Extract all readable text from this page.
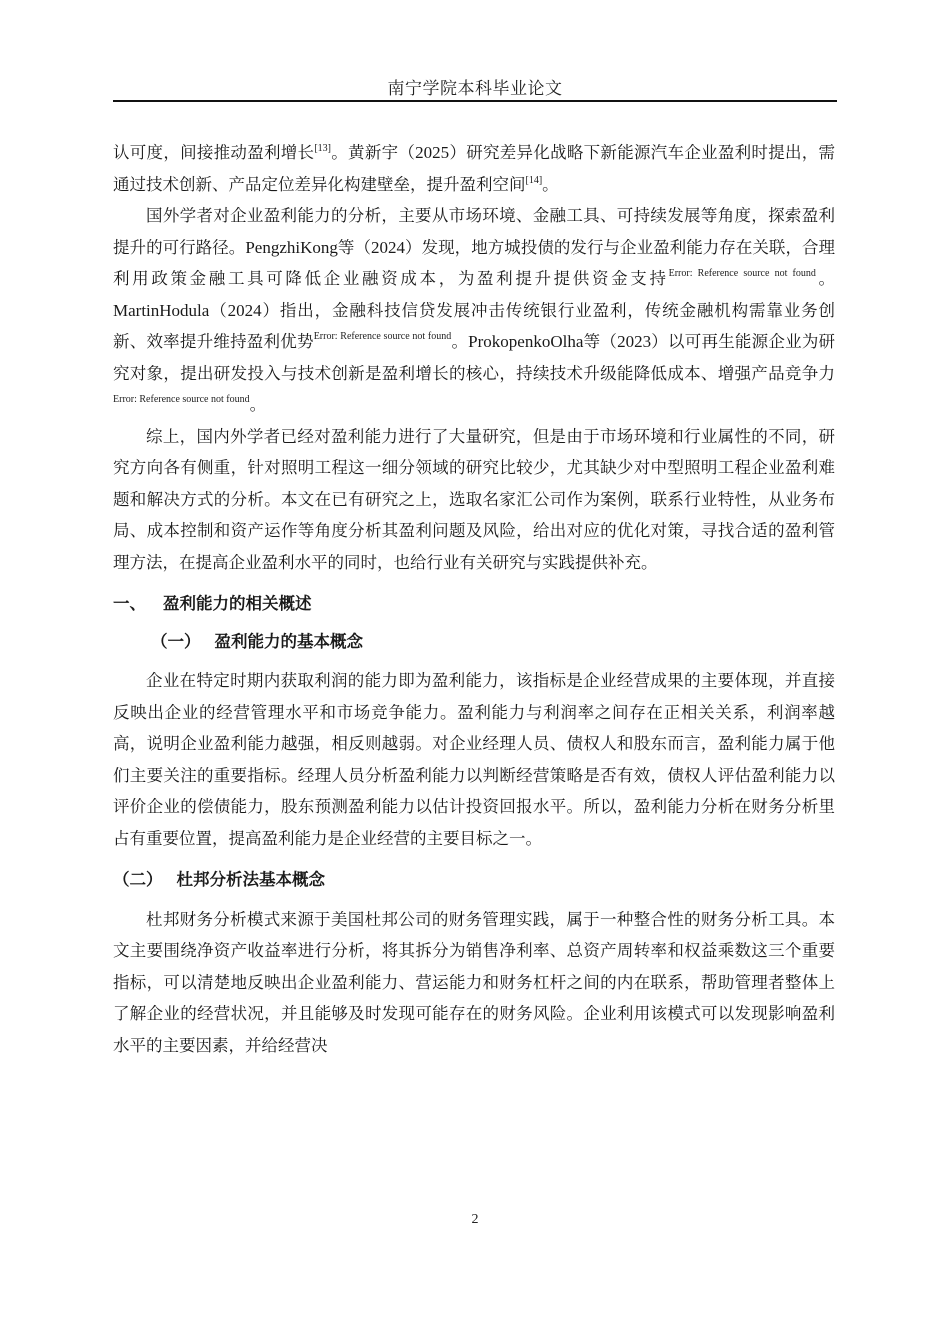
南宁学院本科毕业论文

认可度，间接推动盈利增长[13]。黄新宇（2025）研究差异化战略下新能源汽车企业盈利时提出，需通过技术创新、产品定位差异化构建壁垒，提升盈利空间[14]。

国外学者对企业盈利能力的分析，主要从市场环境、金融工具、可持续发展等角度，探索盈利提升的可行路径。PengzhiKong等（2024）发现，地方城投债的发行与企业盈利能力存在关联，合理利用政策金融工具可降低企业融资成本，为盈利提升提供资金支持$^{Error: Reference source not found}$。MartinHodula（2024）指出，金融科技信贷发展冲击传统银行业盈利，传统金融机构需靠业务创新、效率提升维持盈利优势$^{Error: Reference source not found}$。ProkopenkoOlha等（2023）以可再生能源企业为研究对象，提出研发投入与技术创新是盈利增长的核心，持续技术升级能降低成本、增强产品竞争力$^{Error: Reference source not found}$。

综上，国内外学者已经对盈利能力进行了大量研究，但是由于市场环境和行业属性的不同，研究方向各有侧重，针对照明工程这一细分领域的研究比较少，尤其缺少对中型照明工程企业盈利难题和解决方式的分析。本文在已有研究之上，选取名家汇公司作为案例，联系行业特性，从业务布局、成本控制和资产运作等角度分析其盈利问题及风险，给出对应的优化对策，寻找合适的盈利管理方法，在提高企业盈利水平的同时，也给行业有关研究与实践提供补充。

一、 盈利能力的相关概述
（一） 盈利能力的基本概念

企业在特定时期内获取利润的能力即为盈利能力，该指标是企业经营成果的主要体现，并直接反映出企业的经营管理水平和市场竞争能力。盈利能力与利润率之间存在正相关关系，利润率越高，说明企业盈利能力越强，相反则越弱。对企业经理人员、债权人和股东而言，盈利能力属于他们主要关注的重要指标。经理人员分析盈利能力以判断经营策略是否有效，债权人评估盈利能力以评价企业的偿债能力，股东预测盈利能力以估计投资回报水平。所以，盈利能力分析在财务分析里占有重要位置，提高盈利能力是企业经营的主要目标之一。

（二） 杜邦分析法基本概念

杜邦财务分析模式来源于美国杜邦公司的财务管理实践，属于一种整合性的财务分析工具。本文主要围绕净资产收益率进行分析，将其拆分为销售净利率、总资产周转率和权益乘数这三个重要指标，可以清楚地反映出企业盈利能力、营运能力和财务杠杆之间的内在联系，帮助管理者整体上了解企业的经营状况，并且能够及时发现可能存在的财务风险。企业利用该模式可以发现影响盈利水平的主要因素，并给经营决

2
